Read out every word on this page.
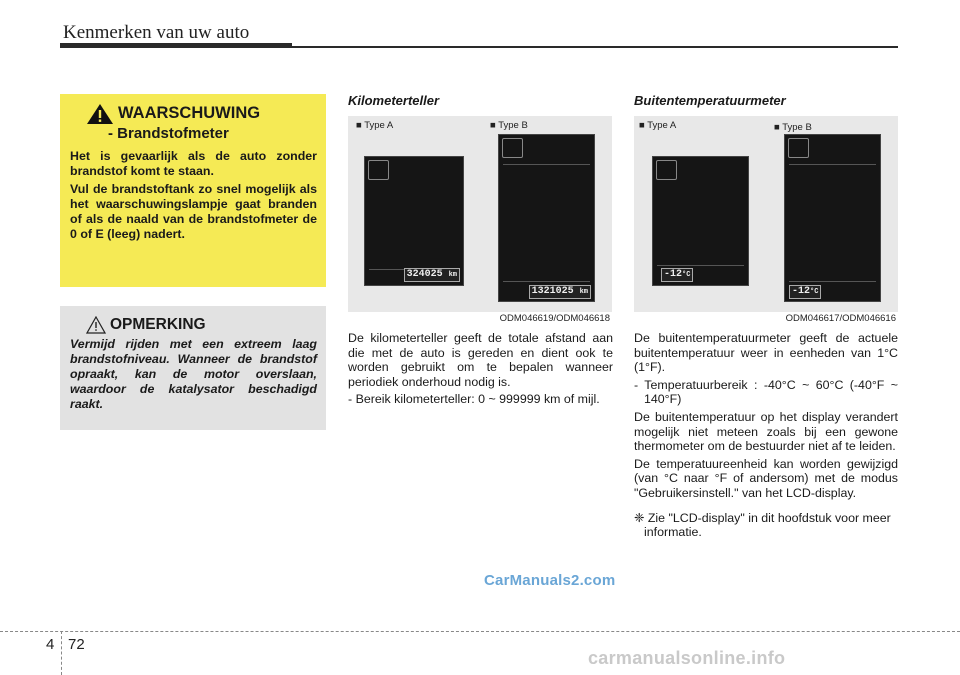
Kenmerken van uw auto
WAARSCHUWING
- Brandstofmeter

Het is gevaarlijk als de auto zonder brandstof komt te staan.

Vul de brandstoftank zo snel mogelijk als het waarschuwingslampje gaat branden of als de naald van de brandstofmeter de 0 of E (leeg) nadert.

OPMERKING

Vermijd rijden met een extreem laag brandstofniveau. Wanneer de brandstof opraakt, kan de motor overslaan, waardoor de katalysator beschadigd raakt.

Kilometerteller
■ Type A	■ Type B
324025 km
1321025 km
ODM046619/ODM046618

De kilometerteller geeft de totale afstand aan die met de auto is gereden en dient ook te worden gebruikt om te bepalen wanneer periodiek onderhoud nodig is.

- Bereik kilometerteller: 0 ~ 999999 km of mijl.

Buitentemperatuurmeter
■ Type A	■ Type B
-12°C
-12°C
ODM046617/ODM046616

De buitentemperatuurmeter geeft de actuele buitentemperatuur weer in eenheden van 1°C (1°F).

- Temperatuurbereik : -40°C ~ 60°C (-40°F ~ 140°F)

De buitentemperatuur op het display verandert mogelijk niet meteen zoals bij een gewone thermometer om de bestuurder niet af te leiden.

De temperatuureenheid kan worden gewijzigd (van °C naar °F of andersom) met de modus "Gebruikersinstell." van het LCD-display.

❈ Zie "LCD-display" in dit hoofdstuk voor meer informatie.

CarManuals2.com
4 72
carmanualsonline.info
